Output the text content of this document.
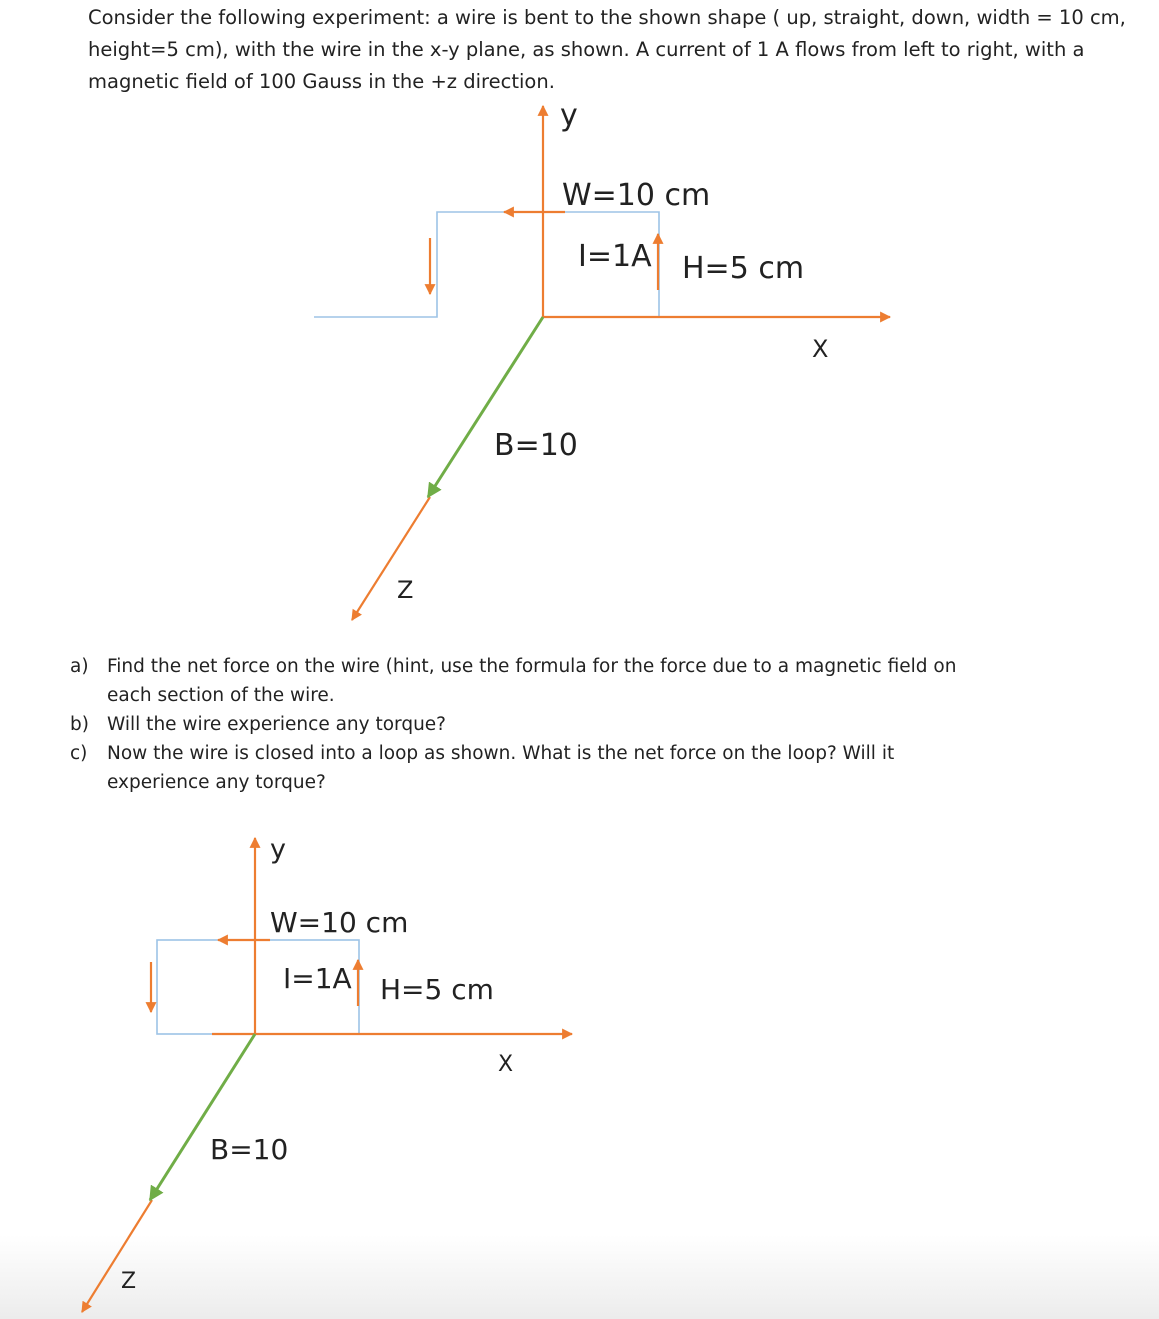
Consider the following experiment: a wire is bent to the shown shape ( up, straight, down, width = 10 cm, height=5 cm), with the wire in the x-y plane, as shown. A current of 1 A flows from left to right, with a magnetic field of 100 Gauss in the +z direction.

y
W=10 cm
I=1A H=5 cm
X
B=10
Z
y
W=10 cm
I=1A H=5 cm
X
B=10
Z
a) Find the net force on the wire (hint, use the formula for the force due to a magnetic field on each section of the wire.
b) Will the wire experience any torque?
c) Now the wire is closed into a loop as shown. What is the net force on the loop? Will it experience any torque?
